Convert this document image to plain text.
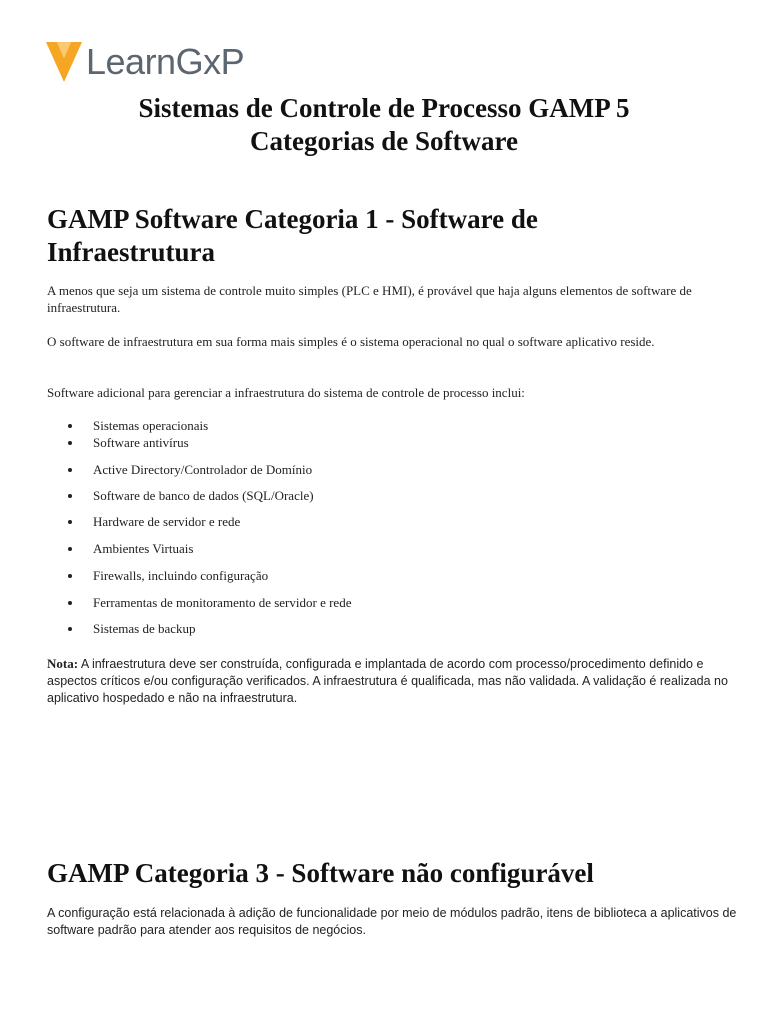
LearnGxP
Sistemas de Controle de Processo GAMP 5
Categorias de Software
GAMP Software Categoria 1 - Software de
Infraestrutura

A menos que seja um sistema de controle muito simples (PLC e HMI), é provável que haja alguns elementos de software de infraestrutura.

O software de infraestrutura em sua forma mais simples é o sistema operacional no qual o software aplicativo reside.

Software adicional para gerenciar a infraestrutura do sistema de controle de processo inclui:

Sistemas operacionais
Software antivírus
Active Directory/Controlador de Domínio
Software de banco de dados (SQL/Oracle)
Hardware de servidor e rede
Ambientes Virtuais
Firewalls, incluindo configuração
Ferramentas de monitoramento de servidor e rede
Sistemas de backup

Nota: A infraestrutura deve ser construída, configurada e implantada de acordo com processo/procedimento definido e aspectos críticos e/ou configuração verificados. A infraestrutura é qualificada, mas não validada. A validação é realizada no aplicativo hospedado e não na infraestrutura.

GAMP Categoria 3 - Software não configurável

A configuração está relacionada à adição de funcionalidade por meio de módulos padrão, itens de biblioteca a aplicativos de software padrão para atender aos requisitos de negócios.
